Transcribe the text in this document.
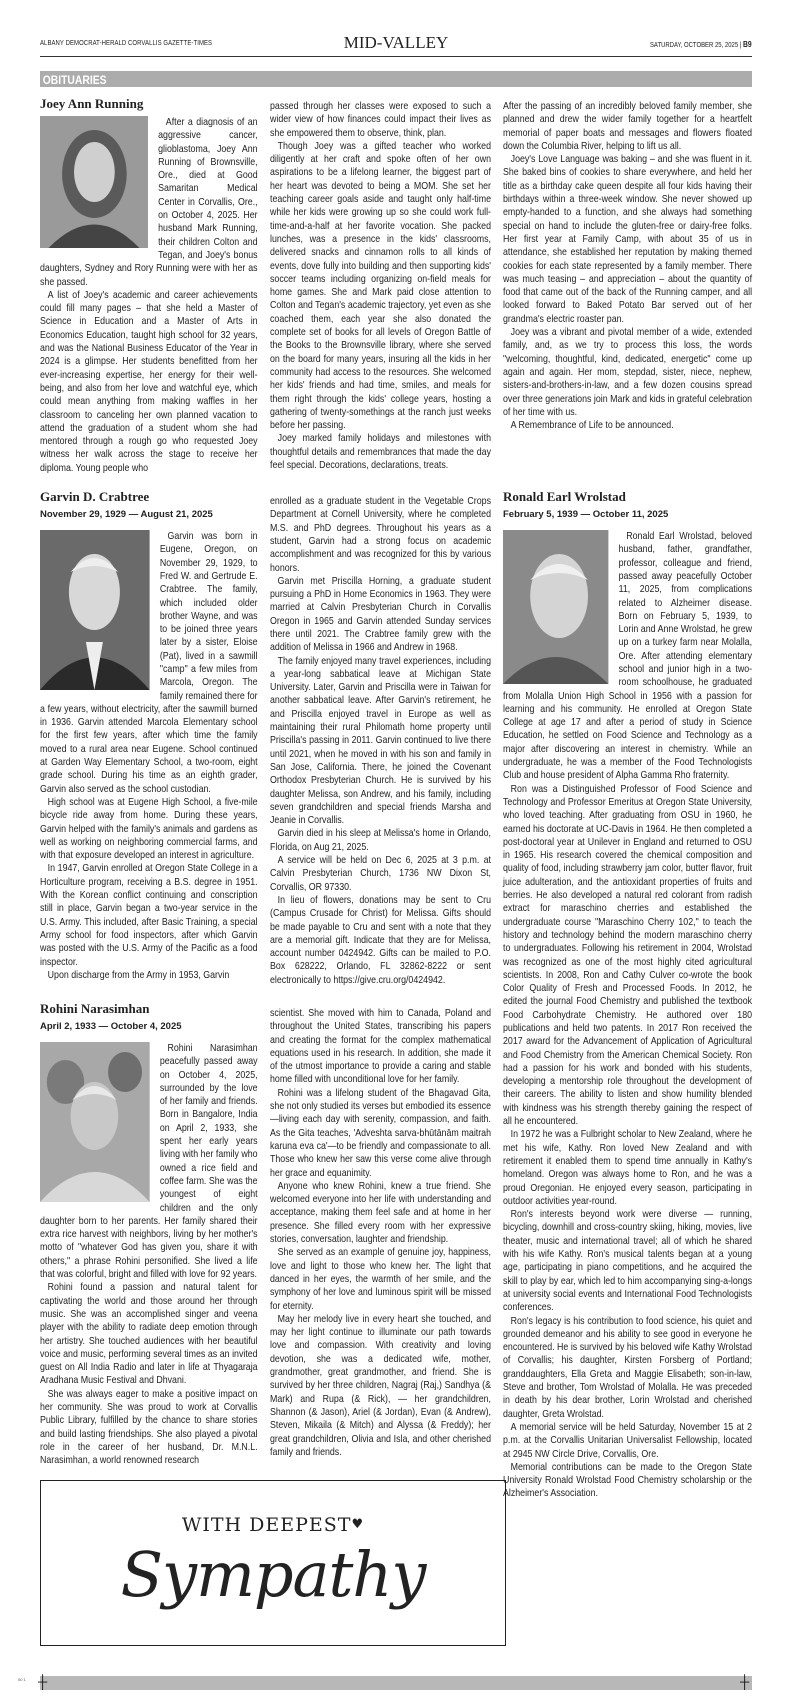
ALBANY DEMOCRAT-HERALD CORVALLIS GAZETTE-TIMES	MID-VALLEY	SATURDAY, OCTOBER 25, 2025 | B9
OBITUARIES
Joey Ann Running

After a diagnosis of an aggressive cancer, glioblastoma, Joey Ann Running of Brownsville, Ore., died at Good Samaritan Medical Center in Corvallis, Ore., on October 4, 2025. Her husband Mark Running, their children Colton and Tegan, and Joey's bonus daughters, Sydney and Rory Running were with her as she passed.

A list of Joey's academic and career achievements could fill many pages – that she held a Master of Science in Education and a Master of Arts in Economics Education, taught high school for 32 years, and was the National Business Educator of the Year in 2024 is a glimpse. Her students benefitted from her ever-increasing expertise, her energy for their well-being, and also from her love and watchful eye, which could mean anything from making waffles in her classroom to canceling her own planned vacation to attend the graduation of a student whom she had mentored through a rough go who requested Joey witness her walk across the stage to receive her diploma. Young people who

passed through her classes were exposed to such a wider view of how finances could impact their lives as she empowered them to observe, think, plan.

Though Joey was a gifted teacher who worked diligently at her craft and spoke often of her own aspirations to be a lifelong learner, the biggest part of her heart was devoted to being a MOM. She set her teaching career goals aside and taught only half-time while her kids were growing up so she could work full-time-and-a-half at her favorite vocation. She packed lunches, was a presence in the kids' classrooms, delivered snacks and cinnamon rolls to all kinds of events, dove fully into building and then supporting kids' soccer teams including organizing on-field meals for home games. She and Mark paid close attention to Colton and Tegan's academic trajectory, yet even as she coached them, each year she also donated the complete set of books for all levels of Oregon Battle of the Books to the Brownsville library, where she served on the board for many years, insuring all the kids in her community had access to the resources. She welcomed her kids' friends and had time, smiles, and meals for them right through the kids' college years, hosting a gathering of twenty-somethings at the ranch just weeks before her passing.

Joey marked family holidays and milestones with thoughtful details and remembrances that made the day feel special. Decorations, declarations, treats.

After the passing of an incredibly beloved family member, she planned and drew the wider family together for a heartfelt memorial of paper boats and messages and flowers floated down the Columbia River, helping to lift us all.

Joey's Love Language was baking – and she was fluent in it. She baked bins of cookies to share everywhere, and held her title as a birthday cake queen despite all four kids having their birthdays within a three-week window. She never showed up empty-handed to a function, and she always had something special on hand to include the gluten-free or dairy-free folks. Her first year at Family Camp, with about 35 of us in attendance, she established her reputation by making themed cookies for each state represented by a family member. There was much teasing – and appreciation – about the quantity of food that came out of the back of the Running camper, and all looked forward to Baked Potato Bar served out of her grandma's electric roaster pan.

Joey was a vibrant and pivotal member of a wide, extended family, and, as we try to process this loss, the words "welcoming, thoughtful, kind, dedicated, energetic" come up again and again. Her mom, stepdad, sister, niece, nephew, sisters-and-brothers-in-law, and a few dozen cousins spread over three generations join Mark and kids in grateful celebration of her time with us.

A Remembrance of Life to be announced.

Garvin D. Crabtree
November 29, 1929 — August 21, 2025

Garvin was born in Eugene, Oregon, on November 29, 1929, to Fred W. and Gertrude E. Crabtree. The family, which included older brother Wayne, and was to be joined three years later by a sister, Eloise (Pat), lived in a sawmill "camp" a few miles from Marcola, Oregon. The family remained there for a few years, without electricity, after the sawmill burned in 1936. Garvin attended Marcola Elementary school for the first few years, after which time the family moved to a rural area near Eugene. School continued at Garden Way Elementary School, a two-room, eight grade school. During his time as an eighth grader, Garvin also served as the school custodian.

High school was at Eugene High School, a five-mile bicycle ride away from home. During these years, Garvin helped with the family's animals and gardens as well as working on neighboring commercial farms, and with that exposure developed an interest in agriculture.

In 1947, Garvin enrolled at Oregon State College in a Horticulture program, receiving a B.S. degree in 1951. With the Korean conflict continuing and conscription still in place, Garvin began a two-year service in the U.S. Army. This included, after Basic Training, a special Army school for food inspectors, after which Garvin was posted with the U.S. Army of the Pacific as a food inspector.

Upon discharge from the Army in 1953, Garvin

enrolled as a graduate student in the Vegetable Crops Department at Cornell University, where he completed M.S. and PhD degrees. Throughout his years as a student, Garvin had a strong focus on academic accomplishment and was recognized for this by various honors.

Garvin met Priscilla Horning, a graduate student pursuing a PhD in Home Economics in 1963. They were married at Calvin Presbyterian Church in Corvallis Oregon in 1965 and Garvin attended Sunday services there until 2021. The Crabtree family grew with the addition of Melissa in 1966 and Andrew in 1968.

The family enjoyed many travel experiences, including a year-long sabbatical leave at Michigan State University. Later, Garvin and Priscilla were in Taiwan for another sabbatical leave. After Garvin's retirement, he and Priscilla enjoyed travel in Europe as well as maintaining their rural Philomath home property until Priscilla's passing in 2011. Garvin continued to live there until 2021, when he moved in with his son and family in San Jose, California. There, he joined the Covenant Orthodox Presbyterian Church. He is survived by his daughter Melissa, son Andrew, and his family, including seven grandchildren and special friends Marsha and Jeanie in Corvallis.

Garvin died in his sleep at Melissa's home in Orlando, Florida, on Aug 21, 2025.

A service will be held on Dec 6, 2025 at 3 p.m. at Calvin Presbyterian Church, 1736 NW Dixon St, Corvallis, OR 97330.

In lieu of flowers, donations may be sent to Cru (Campus Crusade for Christ) for Melissa. Gifts should be made payable to Cru and sent with a note that they are a memorial gift. Indicate that they are for Melissa, account number 0424942. Gifts can be mailed to P.O. Box 628222, Orlando, FL 32862-8222 or sent electronically to https://give.cru.org/0424942.

Rohini Narasimhan
April 2, 1933 — October 4, 2025

Rohini Narasimhan peacefully passed away on October 4, 2025, surrounded by the love of her family and friends. Born in Bangalore, India on April 2, 1933, she spent her early years living with her family who owned a rice field and coffee farm. She was the youngest of eight children and the only daughter born to her parents. Her family shared their extra rice harvest with neighbors, living by her mother's motto of "whatever God has given you, share it with others," a phrase Rohini personified. She lived a life that was colorful, bright and filled with love for 92 years.

Rohini found a passion and natural talent for captivating the world and those around her through music. She was an accomplished singer and veena player with the ability to radiate deep emotion through her artistry. She touched audiences with her beautiful voice and music, performing several times as an invited guest on All India Radio and later in life at Thyagaraja Aradhana Music Festival and Dhvani.

She was always eager to make a positive impact on her community. She was proud to work at Corvallis Public Library, fulfilled by the chance to share stories and build lasting friendships. She also played a pivotal role in the career of her husband, Dr. M.N.L. Narasimhan, a world renowned research

scientist. She moved with him to Canada, Poland and throughout the United States, transcribing his papers and creating the format for the complex mathematical equations used in his research. In addition, she made it of the utmost importance to provide a caring and stable home filled with unconditional love for her family.

Rohini was a lifelong student of the Bhagavad Gita, she not only studied its verses but embodied its essence—living each day with serenity, compassion, and faith. As the Gita teaches, 'Adveshta sarva-bhūtānām maitrah karuna eva ca'—to be friendly and compassionate to all. Those who knew her saw this verse come alive through her grace and equanimity.

Anyone who knew Rohini, knew a true friend. She welcomed everyone into her life with understanding and acceptance, making them feel safe and at home in her presence. She filled every room with her expressive stories, conversation, laughter and friendship.

She served as an example of genuine joy, happiness, love and light to those who knew her. The light that danced in her eyes, the warmth of her smile, and the symphony of her love and luminous spirit will be missed for eternity.

May her melody live in every heart she touched, and may her light continue to illuminate our path towards love and compassion. With creativity and loving devotion, she was a dedicated wife, mother, grandmother, great grandmother, and friend. She is survived by her three children, Nagraj (Raj,) Sandhya (& Mark) and Rupa (& Rick), — her grandchildren, Shannon (& Jason), Ariel (& Jordan), Evan (& Andrew), Steven, Mikaila (& Mitch) and Alyssa (& Freddy); her great grandchildren, Olivia and Isla, and other cherished family and friends.

WITH DEEPEST♥
Sympathy
Ronald Earl Wrolstad
February 5, 1939 — October 11, 2025

Ronald Earl Wrolstad, beloved husband, father, grandfather, professor, colleague and friend, passed away peacefully October 11, 2025, from complications related to Alzheimer disease. Born on February 5, 1939, to Lorin and Anne Wrolstad, he grew up on a turkey farm near Molalla, Ore. After attending elementary school and junior high in a two-room schoolhouse, he graduated from Molalla Union High School in 1956 with a passion for learning and his community. He enrolled at Oregon State College at age 17 and after a period of study in Science Education, he settled on Food Science and Technology as a major after discovering an interest in chemistry. While an undergraduate, he was a member of the Food Technologists Club and house president of Alpha Gamma Rho fraternity.

Ron was a Distinguished Professor of Food Science and Technology and Professor Emeritus at Oregon State University, who loved teaching. After graduating from OSU in 1960, he earned his doctorate at UC-Davis in 1964. He then completed a post-doctoral year at Unilever in England and returned to OSU in 1965. His research covered the chemical composition and quality of food, including strawberry jam color, butter flavor, fruit juice adulteration, and the antioxidant properties of fruits and berries. He also developed a natural red colorant from radish extract for maraschino cherries and established the undergraduate course "Maraschino Cherry 102," to teach the history and technology behind the modern maraschino cherry to undergraduates. Following his retirement in 2004, Wrolstad was recognized as one of the most highly cited agricultural scientists. In 2008, Ron and Cathy Culver co-wrote the book Color Quality of Fresh and Processed Foods. In 2012, he edited the journal Food Chemistry and published the textbook Food Carbohydrate Chemistry. He authored over 180 publications and held two patents. In 2017 Ron received the 2017 award for the Advancement of Application of Agricultural and Food Chemistry from the American Chemical Society. Ron had a passion for his work and bonded with his students, developing a mentorship role throughout the development of their careers. The ability to listen and show humility blended with kindness was his strength thereby gaining the respect of all he encountered.

In 1972 he was a Fulbright scholar to New Zealand, where he met his wife, Kathy. Ron loved New Zealand and with retirement it enabled them to spend time annually in Kathy's homeland. Oregon was always home to Ron, and he was a proud Oregonian. He enjoyed every season, participating in outdoor activities year-round.

Ron's interests beyond work were diverse — running, bicycling, downhill and cross-country skiing, hiking, movies, live theater, music and international travel; all of which he shared with his wife Kathy. Ron's musical talents began at a young age, participating in piano competitions, and he acquired the skill to play by ear, which led to him accompanying sing-a-longs at university social events and International Food Technologists conferences.

Ron's legacy is his contribution to food science, his quiet and grounded demeanor and his ability to see good in everyone he encountered. He is survived by his beloved wife Kathy Wrolstad of Corvallis; his daughter, Kirsten Forsberg of Portland; granddaughters, Ella Greta and Maggie Elisabeth; son-in-law, Steve and brother, Tom Wrolstad of Molalla. He was preceded in death by his dear brother, Lorin Wrolstad and cherished daughter, Greta Wrolstad.

A memorial service will be held Saturday, November 15 at 2 p.m. at the Corvallis Unitarian Universalist Fellowship, located at 2945 NW Circle Drive, Corvallis, Ore.

Memorial contributions can be made to the Oregon State University Ronald Wrolstad Food Chemistry scholarship or the Alzheimer's Association.

00 1 ┼	┼
